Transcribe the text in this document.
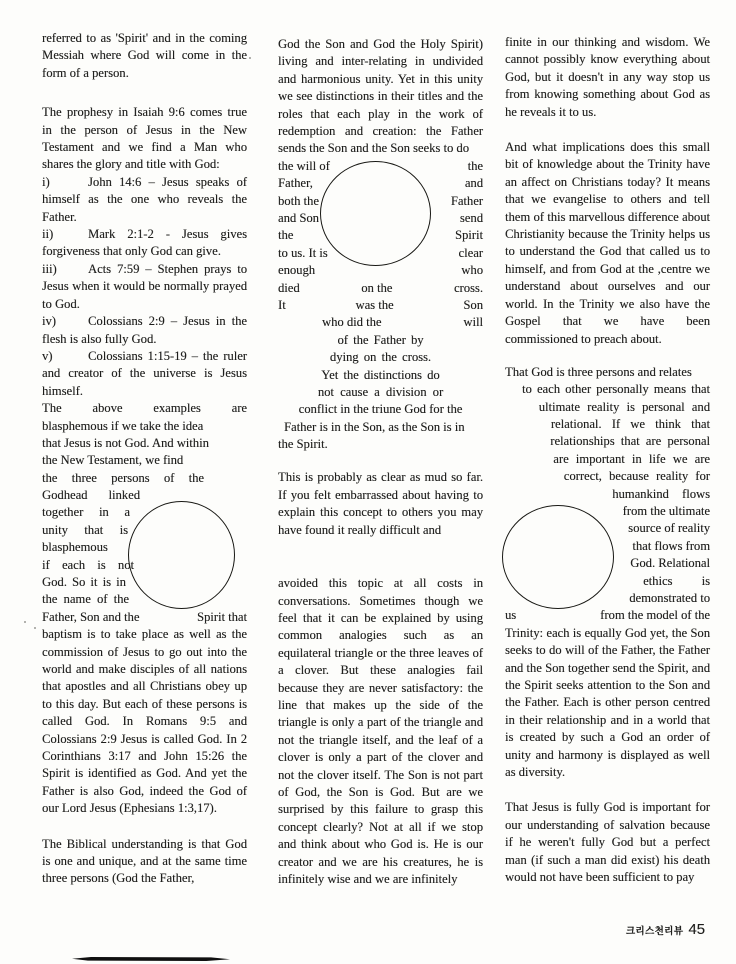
referred to as 'Spirit' and in the coming Messiah where God will come in the form of a person.
The prophesy in Isaiah 9:6 comes true in the person of Jesus in the New Testament and we find a Man who shares the glory and title with God:
i)	John 14:6 – Jesus speaks of himself as the one who reveals the Father.
ii)	Mark 2:1-2 - Jesus gives forgiveness that only God can give.
iii) Acts 7:59 – Stephen prays to Jesus when it would be normally prayed to God.
iv)	Colossians 2:9 – Jesus in the flesh is also fully God.
v)	Colossians 1:15-19 – the ruler and creator of the universe is Jesus himself.
The above examples are
blasphemous if we take the idea
that Jesus is not God. And within
the New Testament, we find
the three persons of the
Godhead linked
together in a
unity that is
blasphemous
if each is not
God. So it is in
the name of the
Father, Son and the	Spirit that
baptism is to take place as well as the commission of Jesus to go out into the world and make disciples of all nations that apostles and all Christians obey up to this day. But each of these persons is called God. In Romans 9:5 and Colossians 2:9 Jesus is called God. In 2 Corinthians 3:17 and John 15:26 the Spirit is identified as God. And yet the Father is also God, indeed the God of our Lord Jesus (Ephesians 1:3,17).
The Biblical understanding is that God is one and unique, and at the same time three persons (God the Father,
God the Son and God the Holy Spirit) living and inter-relating in undivided and harmonious unity. Yet in this unity we see distinctions in their titles and the roles that each play in the work of redemption and creation: the Father sends the Son and the Son seeks to do
the will of	the
Father,	and
both the	Father
and Son	send
the	Spirit
to us. It is	clear
enough	who
died	on the	cross.
It	was the	Son
who did the	will
of the Father by
dying on the cross.
Yet the distinctions do
not cause a division or
conflict in the triune God for the
Father is in the Son, as the Son is in
the Spirit.
This is probably as clear as mud so far. If you felt embarrassed about having to explain this concept to others you may have found it really difficult and
avoided this topic at all costs in conversations. Sometimes though we feel that it can be explained by using common analogies such as an equilateral triangle or the three leaves of a clover. But these analogies fail because they are never satisfactory: the line that makes up the side of the triangle is only a part of the triangle and not the triangle itself, and the leaf of a clover is only a part of the clover and not the clover itself. The Son is not part of God, the Son is God. But are we surprised by this failure to grasp this concept clearly? Not at all if we stop and think about who God is. He is our creator and we are his creatures, he is infinitely wise and we are infinitely
finite in our thinking and wisdom. We cannot possibly know everything about God, but it doesn't in any way stop us from knowing something about God as he reveals it to us.
And what implications does this small bit of knowledge about the Trinity have an affect on Christians today? It means that we evangelise to others and tell them of this marvellous difference about Christianity because the Trinity helps us to understand the God that called us to himself, and from God at the ,centre we understand about ourselves and our world. In the Trinity we also have the Gospel that we have been commissioned to preach about.
That God is three persons and relates
to each other personally means that
ultimate reality is personal and
relational. If we think that
relationships that are personal
are important in life we are
correct, because reality for
humankind flows
from the ultimate
source of reality
that flows from
God. Relational
ethics is
demonstrated to
us	from the model of the
Trinity: each is equally God yet, the Son seeks to do will of the Father, the Father and the Son together send the Spirit, and the Spirit seeks attention to the Son and the Father. Each is other person centred in their relationship and in a world that is created by such a God an order of unity and harmony is displayed as well as diversity.
That Jesus is fully God is important for our understanding of salvation because if he weren't fully God but a perfect man (if such a man did exist) his death would not have been sufficient to pay
크리스천리뷰 45
